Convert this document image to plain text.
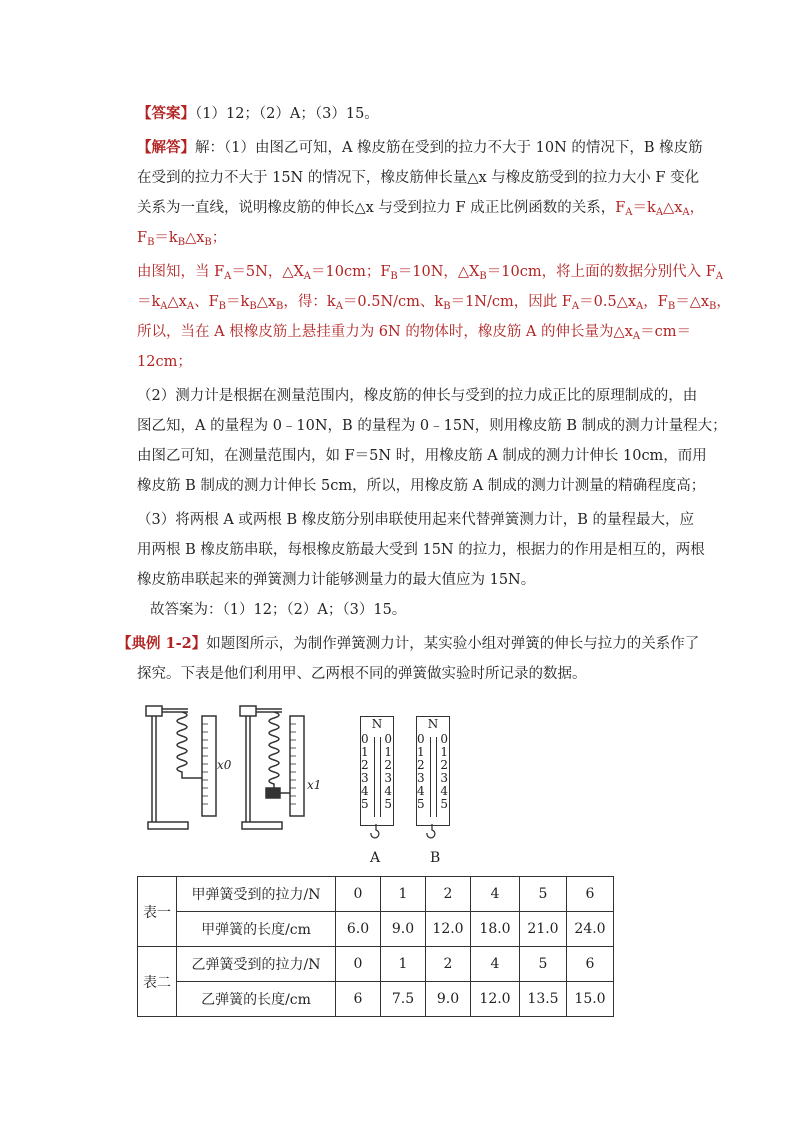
【答案】（1）12；（2）A；（3）15。
【解答】解：（1）由图乙可知，A 橡皮筋在受到的拉力不大于 10N 的情况下，B 橡皮筋
在受到的拉力不大于 15N 的情况下，橡皮筋伸长量△x 与橡皮筋受到的拉力大小 F 变化
关系为一直线，说明橡皮筋的伸长△x 与受到拉力 F 成正比例函数的关系，$F_A=k_A\triangle x_A$，
$F_B=k_B\triangle x_B$；
由图知，当 $F_A=5N$，$\triangle X_A=10cm$；$F_B=10N$，$\triangle X_B=10cm$，将上面的数据分别代入 $F_A$
$=k_A\triangle x_A$、$F_B=k_B\triangle x_B$，得：$k_A=0.5N/cm$、$k_B=1N/cm$，因此 $F_A=0.5\triangle x_A$，$F_B=\triangle x_B$，
所以，当在 A 根橡皮筋上悬挂重力为 6N 的物体时，橡皮筋 A 的伸长量为$\triangle x_A=cm=$
12cm；
（2）测力计是根据在测量范围内，橡皮筋的伸长与受到的拉力成正比的原理制成的，由
图乙知，A 的量程为 0﹣10N，B 的量程为 0﹣15N，则用橡皮筋 B 制成的测力计量程大；
由图乙可知，在测量范围内，如 F＝5N 时，用橡皮筋 A 制成的测力计伸长 10cm，而用
橡皮筋 B 制成的测力计伸长 5cm，所以，用橡皮筋 A 制成的测力计测量的精确程度高；
（3）将两根 A 或两根 B 橡皮筋分别串联使用起来代替弹簧测力计，B 的量程最大，应
用两根 B 橡皮筋串联，每根橡皮筋最大受到 15N 的拉力，根据力的作用是相互的，两根
橡皮筋串联起来的弹簧测力计能够测量力的最大值应为 15N。
故答案为：（1）12；（2）A；（3）15。
【典例 1-2】如题图所示，为制作弹簧测力计，某实验小组对弹簧的伸长与拉力的关系作了
探究。下表是他们利用甲、乙两根不同的弹簧做实验时所记录的数据。
x0
x1
N
0
1
2
3
4
5
0
1
2
3
4
5
N
0
1
2
3
4
5
0
1
2
3
4
5
A	B
表一	甲弹簧受到的拉力/N	0	1	2	4	5	6
	甲弹簧的长度/cm	6.0	9.0	12.0	18.0	21.0	24.0
表二	乙弹簧受到的拉力/N	0	1	2	4	5	6
	乙弹簧的长度/cm	6	7.5	9.0	12.0	13.5	15.0
